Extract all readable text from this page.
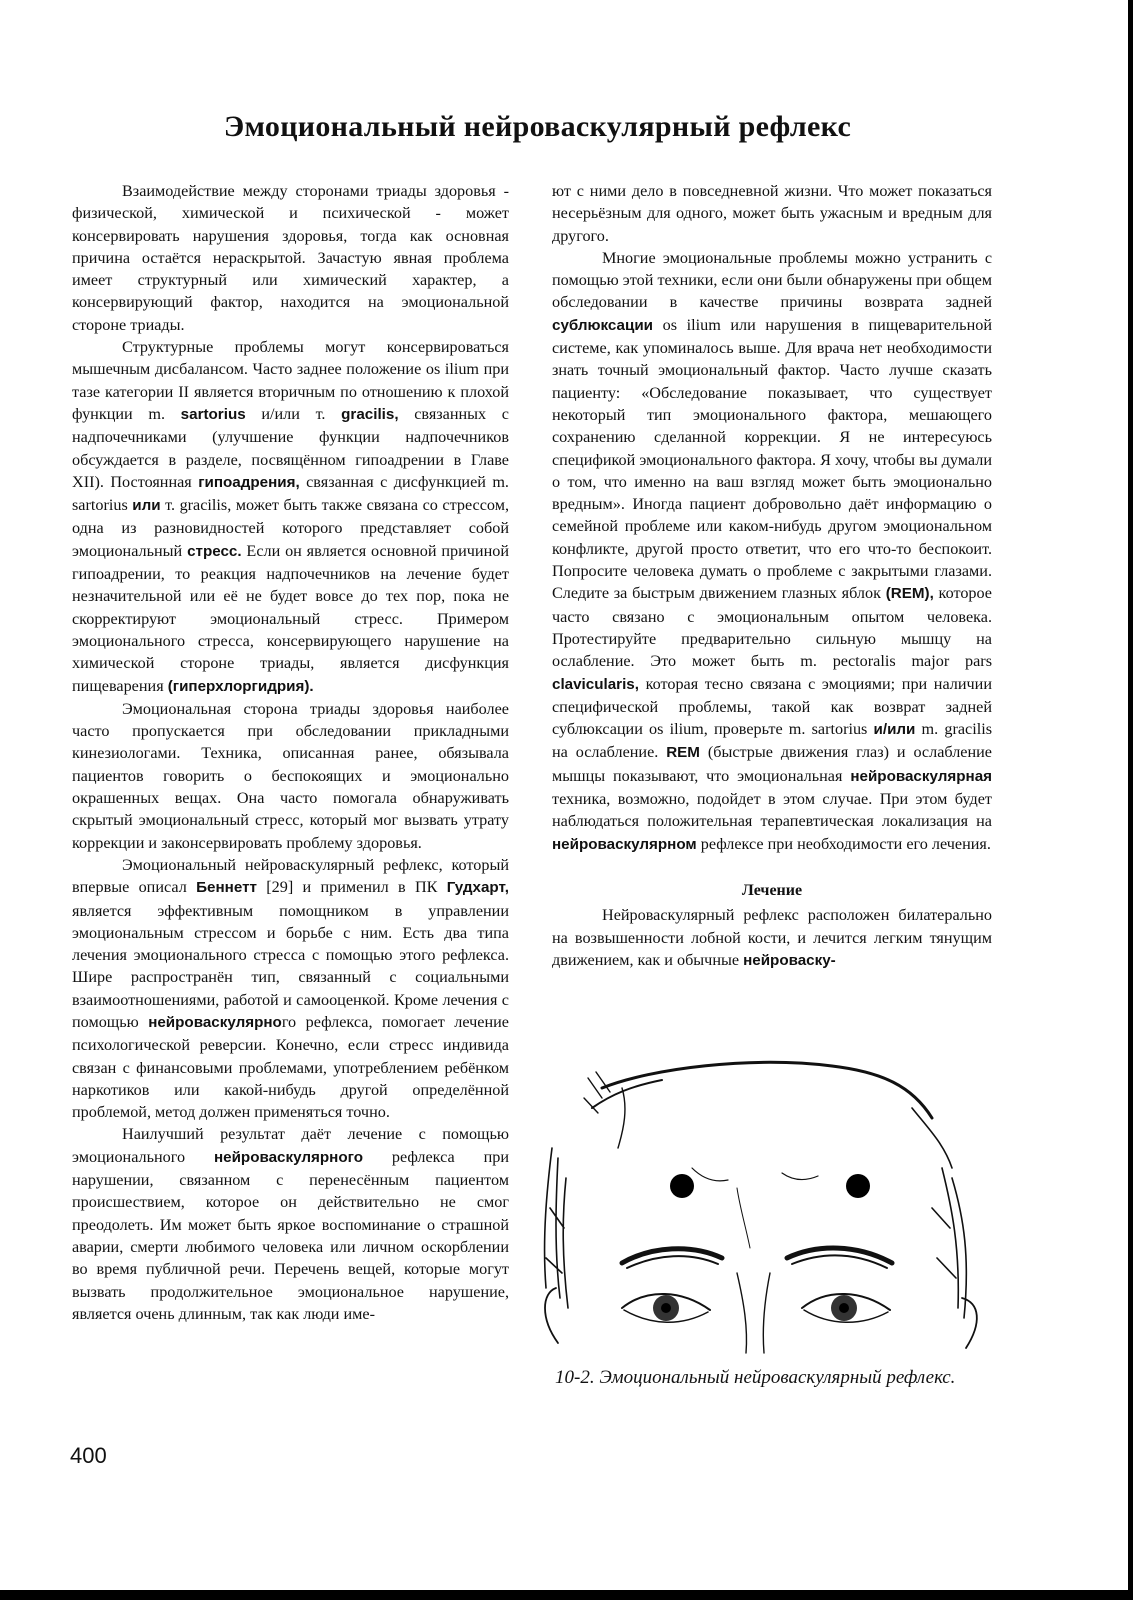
Эмоциональный нейроваскулярный рефлекс

Взаимодействие между сторонами триады здоровья - физической, химической и психической - может консервировать нарушения здоровья, тогда как основная причина остаётся нераскрытой. Зачастую явная проблема имеет структурный или химический характер, а консервирующий фактор, находится на эмоциональной стороне триады.

Структурные проблемы могут консервироваться мышечным дисбалансом. Часто заднее положение os ilium при тазе категории II является вторичным по отношению к плохой функции m. sartorius и/или т. gracilis, связанных с надпочечниками (улучшение функции надпочечников обсуждается в разделе, посвящённом гипоадрении в Главе XII). Постоянная гипоадрения, связанная с дисфункцией m. sartorius или т. gracilis, может быть также связана со стрессом, одна из разновидностей которого представляет собой эмоциональный стресс. Если он является основной причиной гипоадрении, то реакция надпочечников на лечение будет незначительной или её не будет вовсе до тех пор, пока не скорректируют эмоциональный стресс. Примером эмоционального стресса, консервирующего нарушение на химической стороне триады, является дисфункция пищеварения (гиперхлоргидрия).

Эмоциональная сторона триады здоровья наиболее часто пропускается при обследовании прикладными кинезиологами. Техника, описанная ранее, обязывала пациентов говорить о беспокоящих и эмоционально окрашенных вещах. Она часто помогала обнаруживать скрытый эмоциональный стресс, который мог вызвать утрату коррекции и законсервировать проблему здоровья.

Эмоциональный нейроваскулярный рефлекс, который впервые описал Беннетт [29] и применил в ПК Гудхарт, является эффективным помощником в управлении эмоциональным стрессом и борьбе с ним. Есть два типа лечения эмоционального стресса с помощью этого рефлекса. Шире распространён тип, связанный с социальными взаимоотношениями, работой и самооценкой. Кроме лечения с помощью нейроваскулярного рефлекса, помогает лечение психологической реверсии. Конечно, если стресс индивида связан с финансовыми проблемами, употреблением ребёнком наркотиков или какой-нибудь другой определённой проблемой, метод должен применяться точно.

Наилучший результат даёт лечение с помощью эмоционального нейроваскулярного рефлекса при нарушении, связанном с перенесённым пациентом происшествием, которое он действительно не смог преодолеть. Им может быть яркое воспоминание о страшной аварии, смерти любимого человека или личном оскорблении во время публичной речи. Перечень вещей, которые могут вызвать продолжительное эмоциональное нарушение, является очень длинным, так как люди име-

ют с ними дело в повседневной жизни. Что может показаться несерьёзным для одного, может быть ужасным и вредным для другого.

Многие эмоциональные проблемы можно устранить с помощью этой техники, если они были обнаружены при общем обследовании в качестве причины возврата задней сублюксации os ilium или нарушения в пищеварительной системе, как упоминалось выше. Для врача нет необходимости знать точный эмоциональный фактор. Часто лучше сказать пациенту: «Обследование показывает, что существует некоторый тип эмоционального фактора, мешающего сохранению сделанной коррекции. Я не интересуюсь спецификой эмоционального фактора. Я хочу, чтобы вы думали о том, что именно на ваш взгляд может быть эмоционально вредным». Иногда пациент добровольно даёт информацию о семейной проблеме или каком-нибудь другом эмоциональном конфликте, другой просто ответит, что его что-то беспокоит. Попросите человека думать о проблеме с закрытыми глазами. Следите за быстрым движением глазных яблок (REM), которое часто связано с эмоциональным опытом человека. Протестируйте предварительно сильную мышцу на ослабление. Это может быть m. pectoralis major pars clavicularis, которая тесно связана с эмоциями; при наличии специфической проблемы, такой как возврат задней сублюксации os ilium, проверьте m. sartorius и/или m. gracilis на ослабление. REM (быстрые движения глаз) и ослабление мышцы показывают, что эмоциональная нейроваскулярная техника, возможно, подойдет в этом случае. При этом будет наблюдаться положительная терапевтическая локализация на нейроваскулярном рефлексе при необходимости его лечения.

Лечение

Нейроваскулярный рефлекс расположен билатерально на возвышенности лобной кости, и лечится легким тянущим движением, как и обычные нейроваску-

10-2. Эмоциональный нейроваскулярный рефлекс.
400
